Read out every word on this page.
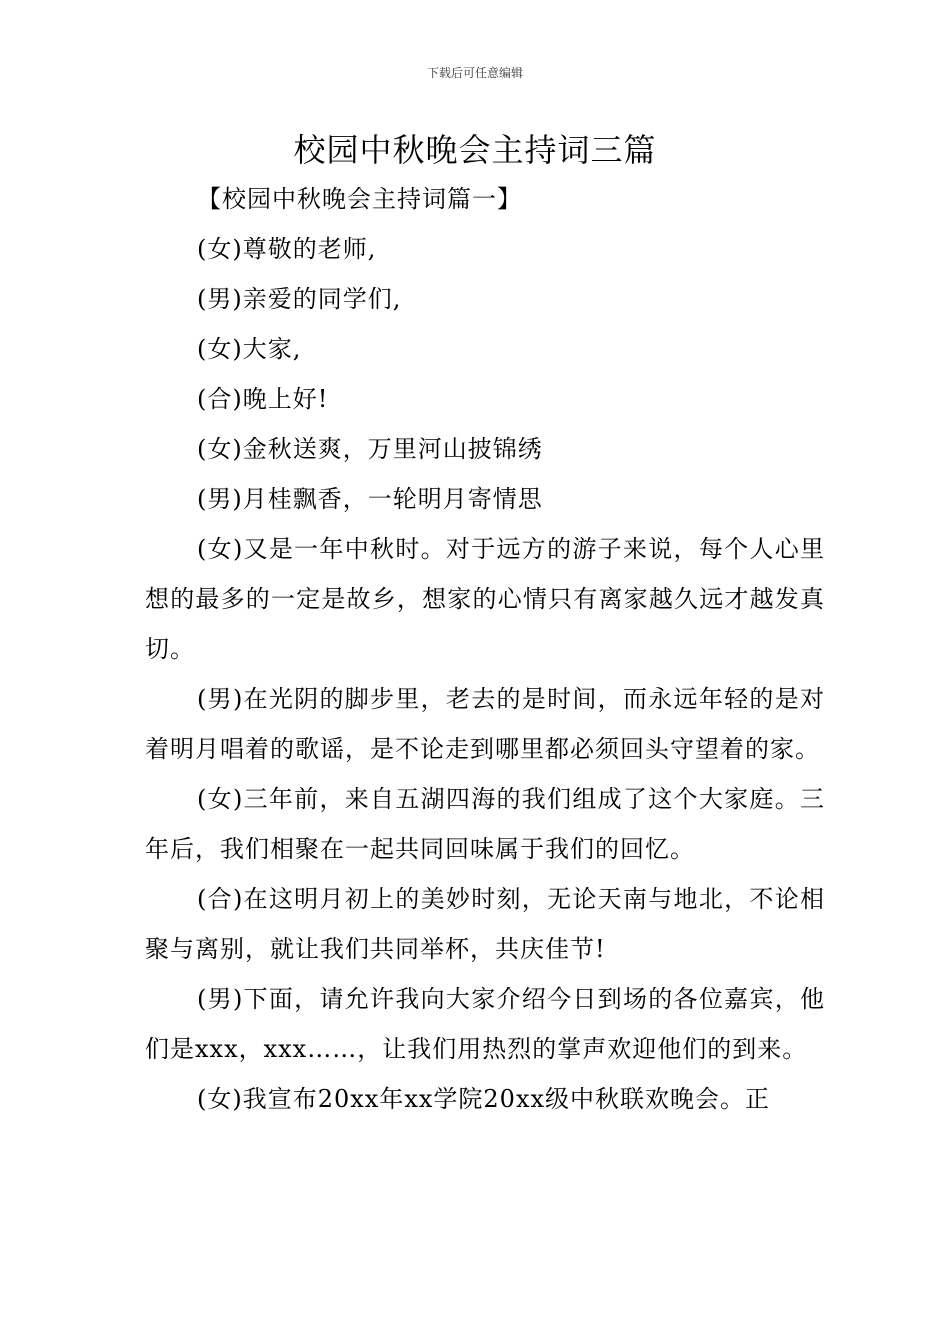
下载后可任意编辑
校园中秋晚会主持词三篇

【校园中秋晚会主持词篇一】

(女)尊敬的老师,

(男)亲爱的同学们,

(女)大家,

(合)晚上好!

(女)金秋送爽，万里河山披锦绣

(男)月桂飘香，一轮明月寄情思

(女)又是一年中秋时。对于远方的游子来说，每个人心里想的最多的一定是故乡，想家的心情只有离家越久远才越发真切。

(男)在光阴的脚步里，老去的是时间，而永远年轻的是对着明月唱着的歌谣，是不论走到哪里都必须回头守望着的家。

(女)三年前，来自五湖四海的我们组成了这个大家庭。三年后，我们相聚在一起共同回味属于我们的回忆。

(合)在这明月初上的美妙时刻，无论天南与地北，不论相聚与离别，就让我们共同举杯，共庆佳节!

(男)下面，请允许我向大家介绍今日到场的各位嘉宾，他们是xxx，xxx……，让我们用热烈的掌声欢迎他们的到来。

(女)我宣布20xx年xx学院20xx级中秋联欢晚会。正
